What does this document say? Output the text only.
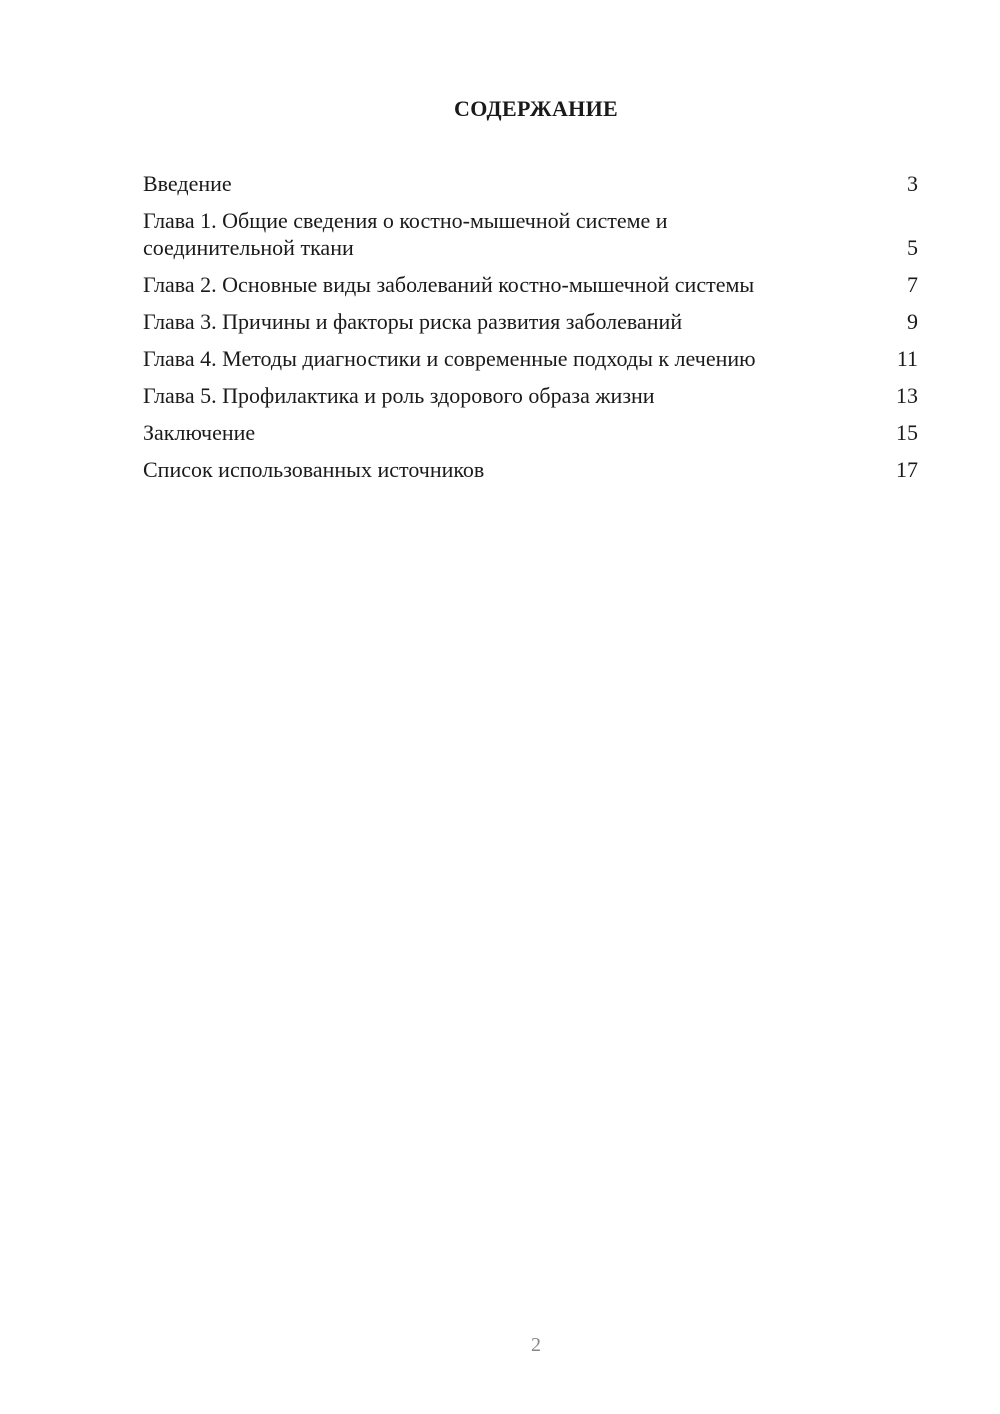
СОДЕРЖАНИЕ
Введение	3
Глава 1. Общие сведения о костно-мышечной системе и соединительной ткани	5
Глава 2. Основные виды заболеваний костно-мышечной системы	7
Глава 3. Причины и факторы риска развития заболеваний	9
Глава 4. Методы диагностики и современные подходы к лечению	11
Глава 5. Профилактика и роль здорового образа жизни	13
Заключение	15
Список использованных источников	17
2
